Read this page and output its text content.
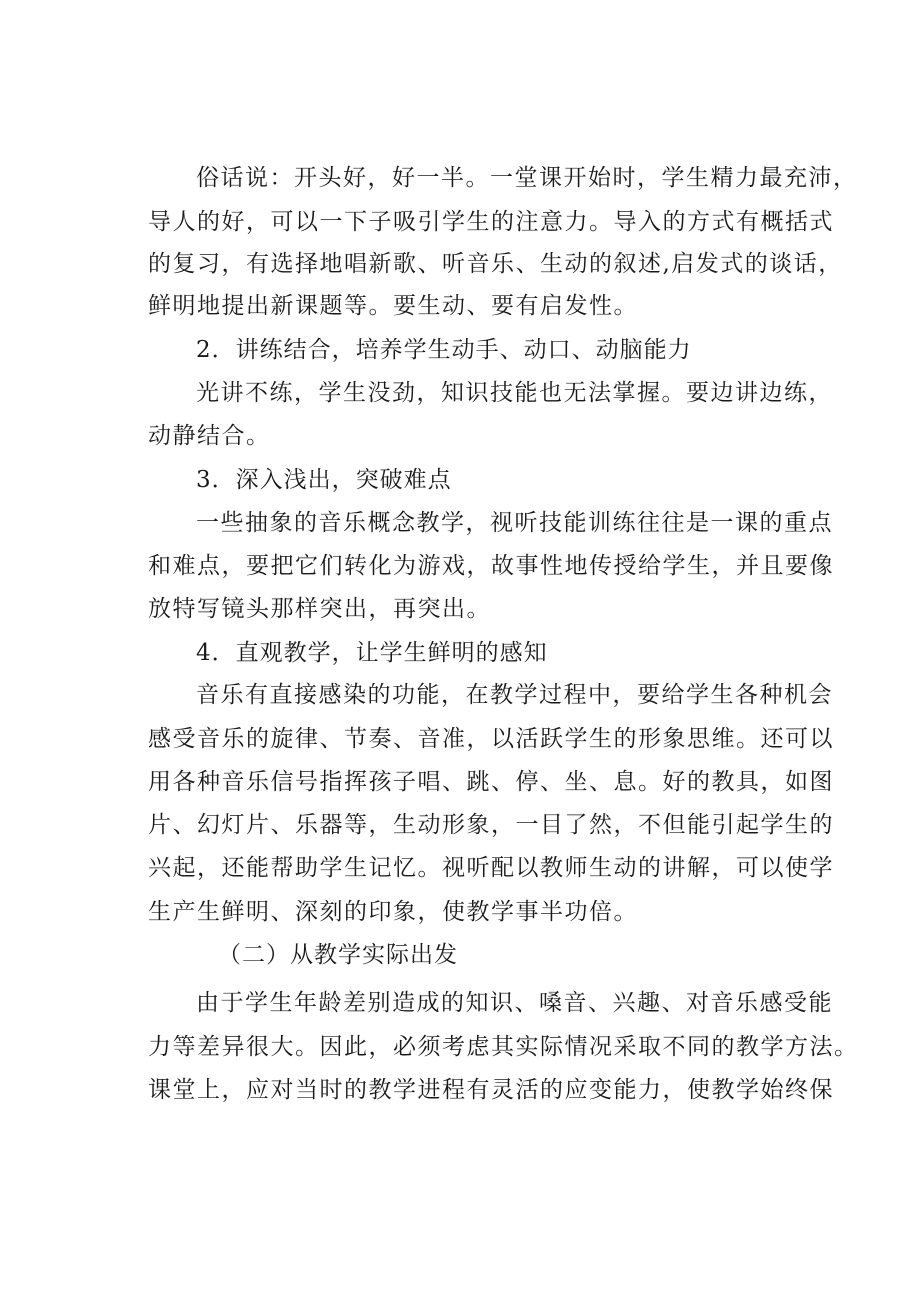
俗话说：开头好，好一半。一堂课开始时，学生精力最充沛，
导人的好，可以一下子吸引学生的注意力。导入的方式有概括式
的复习，有选择地唱新歌、听音乐、生动的叙述,启发式的谈话，
鲜明地提出新课题等。要生动、要有启发性。
2．讲练结合，培养学生动手、动口、动脑能力
光讲不练，学生没劲，知识技能也无法掌握。要边讲边练，
动静结合。
3．深入浅出，突破难点
一些抽象的音乐概念教学，视听技能训练往往是一课的重点
和难点，要把它们转化为游戏，故事性地传授给学生，并且要像
放特写镜头那样突出，再突出。
4．直观教学，让学生鲜明的感知
音乐有直接感染的功能，在教学过程中，要给学生各种机会
感受音乐的旋律、节奏、音准，以活跃学生的形象思维。还可以
用各种音乐信号指挥孩子唱、跳、停、坐、息。好的教具，如图
片、幻灯片、乐器等，生动形象，一目了然，不但能引起学生的
兴起，还能帮助学生记忆。视听配以教师生动的讲解，可以使学
生产生鲜明、深刻的印象，使教学事半功倍。
（二）从教学实际出发
由于学生年龄差别造成的知识、嗓音、兴趣、对音乐感受能
力等差异很大。因此，必须考虑其实际情况采取不同的教学方法。
课堂上，应对当时的教学进程有灵活的应变能力，使教学始终保
